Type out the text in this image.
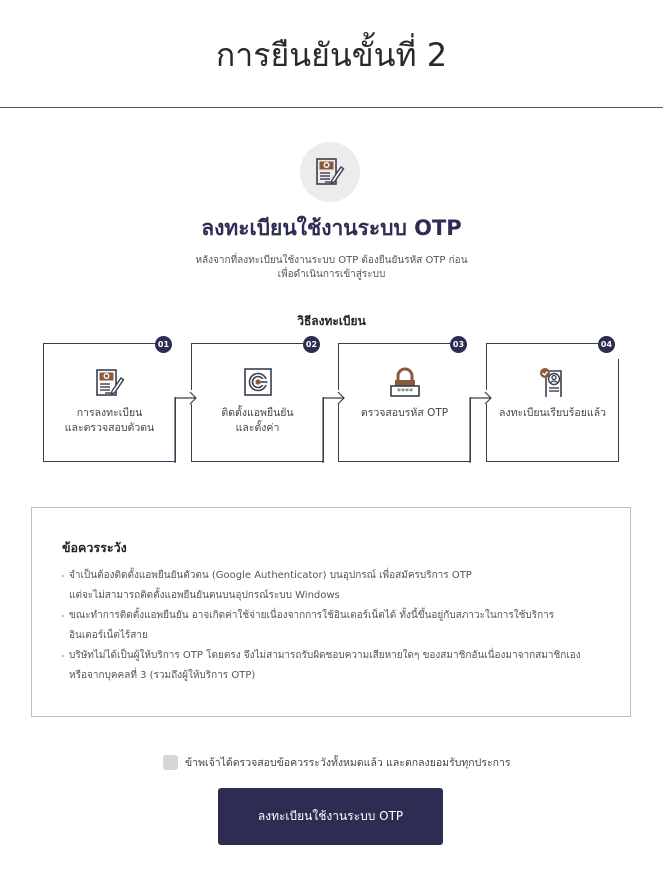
การยืนยันขั้นที่ 2
ลงทะเบียนใช้งานระบบ OTP
หลังจากที่ลงทะเบียนใช้งานระบบ OTP ต้องยืนยันรหัส OTP ก่อน
เพื่อดำเนินการเข้าสู่ระบบ
วิธีลงทะเบียน
01
การลงทะเบียน
และตรวจสอบตัวตน
02
ติดตั้งแอพยืนยัน
และตั้งค่า
03
****
ตรวจสอบรหัส OTP
04
ลงทะเบียนเรียบร้อยแล้ว
ข้อควรระวัง
จำเป็นต้องติดตั้งแอพยืนยันตัวตน (Google Authenticator) บนอุปกรณ์ เพื่อสมัครบริการ OTP
แต่จะไม่สามารถติดตั้งแอพยืนยันตนบนอุปกรณ์ระบบ Windows
ขณะทำการติดตั้งแอพยืนยัน อาจเกิดค่าใช้จ่ายเนื่องจากการใช้อินเตอร์เน็ตได้ ทั้งนี้ขึ้นอยู่กับสภาวะในการใช้บริการ
อินเตอร์เน็ตไร้สาย
บริษัทไม่ได้เป็นผู้ให้บริการ OTP โดยตรง จึงไม่สามารถรับผิดชอบความเสียหายใดๆ ของสมาชิกอันเนื่องมาจากสมาชิกเอง
หรือจากบุคคลที่ 3 (รวมถึงผู้ให้บริการ OTP)
ข้าพเจ้าได้ตรวจสอบข้อควรระวังทั้งหมดแล้ว และตกลงยอมรับทุกประการ
ลงทะเบียนใช้งานระบบ OTP
